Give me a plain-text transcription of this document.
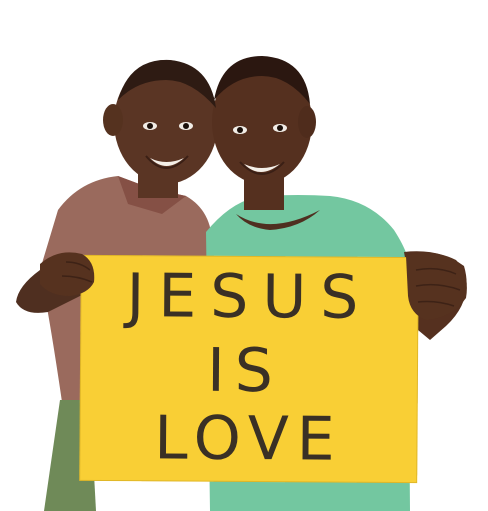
JESUS
IS
LOVE
